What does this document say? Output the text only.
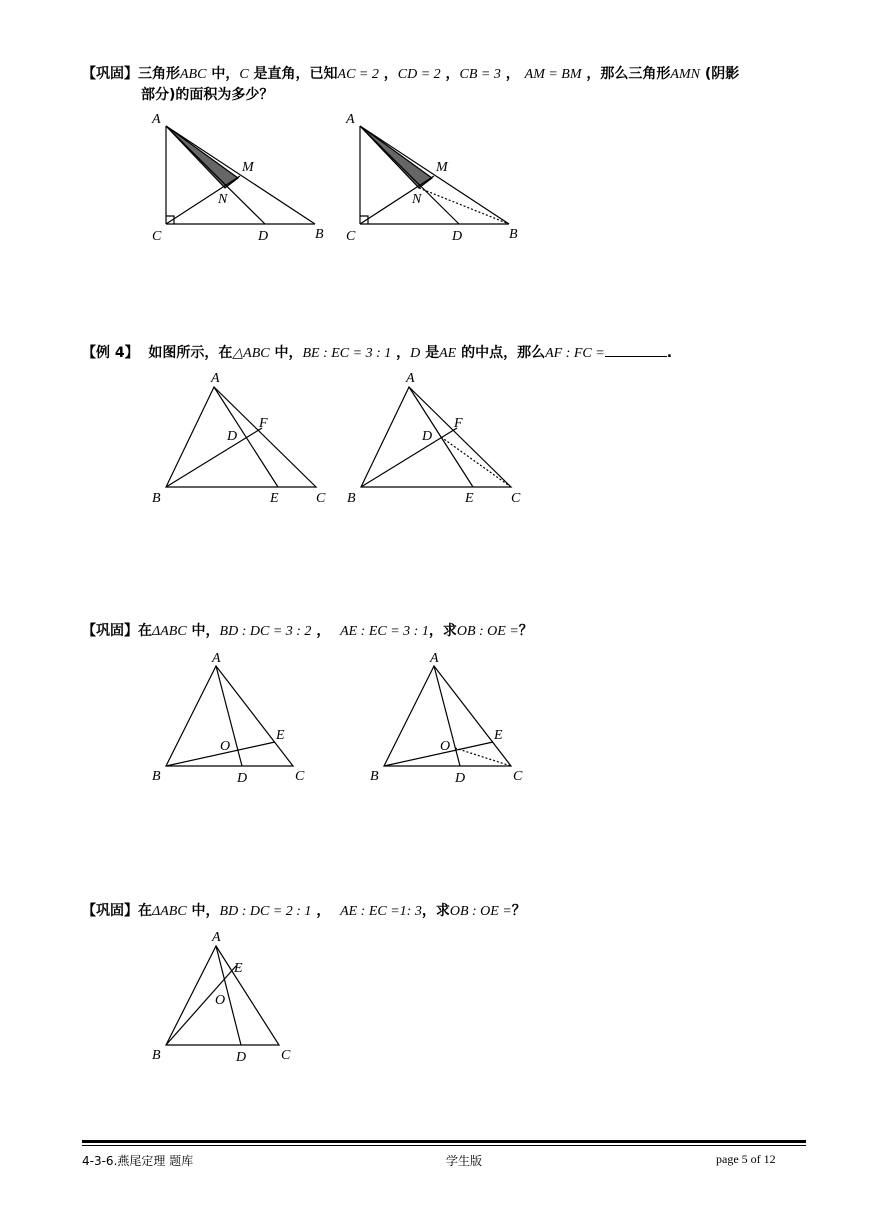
【巩固】三角形ABC 中，C 是直角，已知AC = 2 ，CD = 2 ，CB = 3 ， AM = BM ，那么三角形AMN (阴影
部分)的面积为多少？
【例 4】 如图所示，在△ABC 中，BE : EC = 3 : 1 ，D 是AE 的中点，那么AF : FC =	.
【巩固】在ΔABC 中，BD : DC = 3 : 2 ， AE : EC = 3 : 1，求OB : OE =？
【巩固】在ΔABC 中，BD : DC = 2 : 1 ， AE : EC =1: 3，求OB : OE =？
A
M
N
C	D	B
A
M
N
C	D	B
A
F
D
B	E	C
A
F
D
B	E	C
A
E
O
B	D	C
A
E
O
B	D	C
A
E
O
B	D C
4-3-6.燕尾定理 题库	学生版	page 5 of 12
